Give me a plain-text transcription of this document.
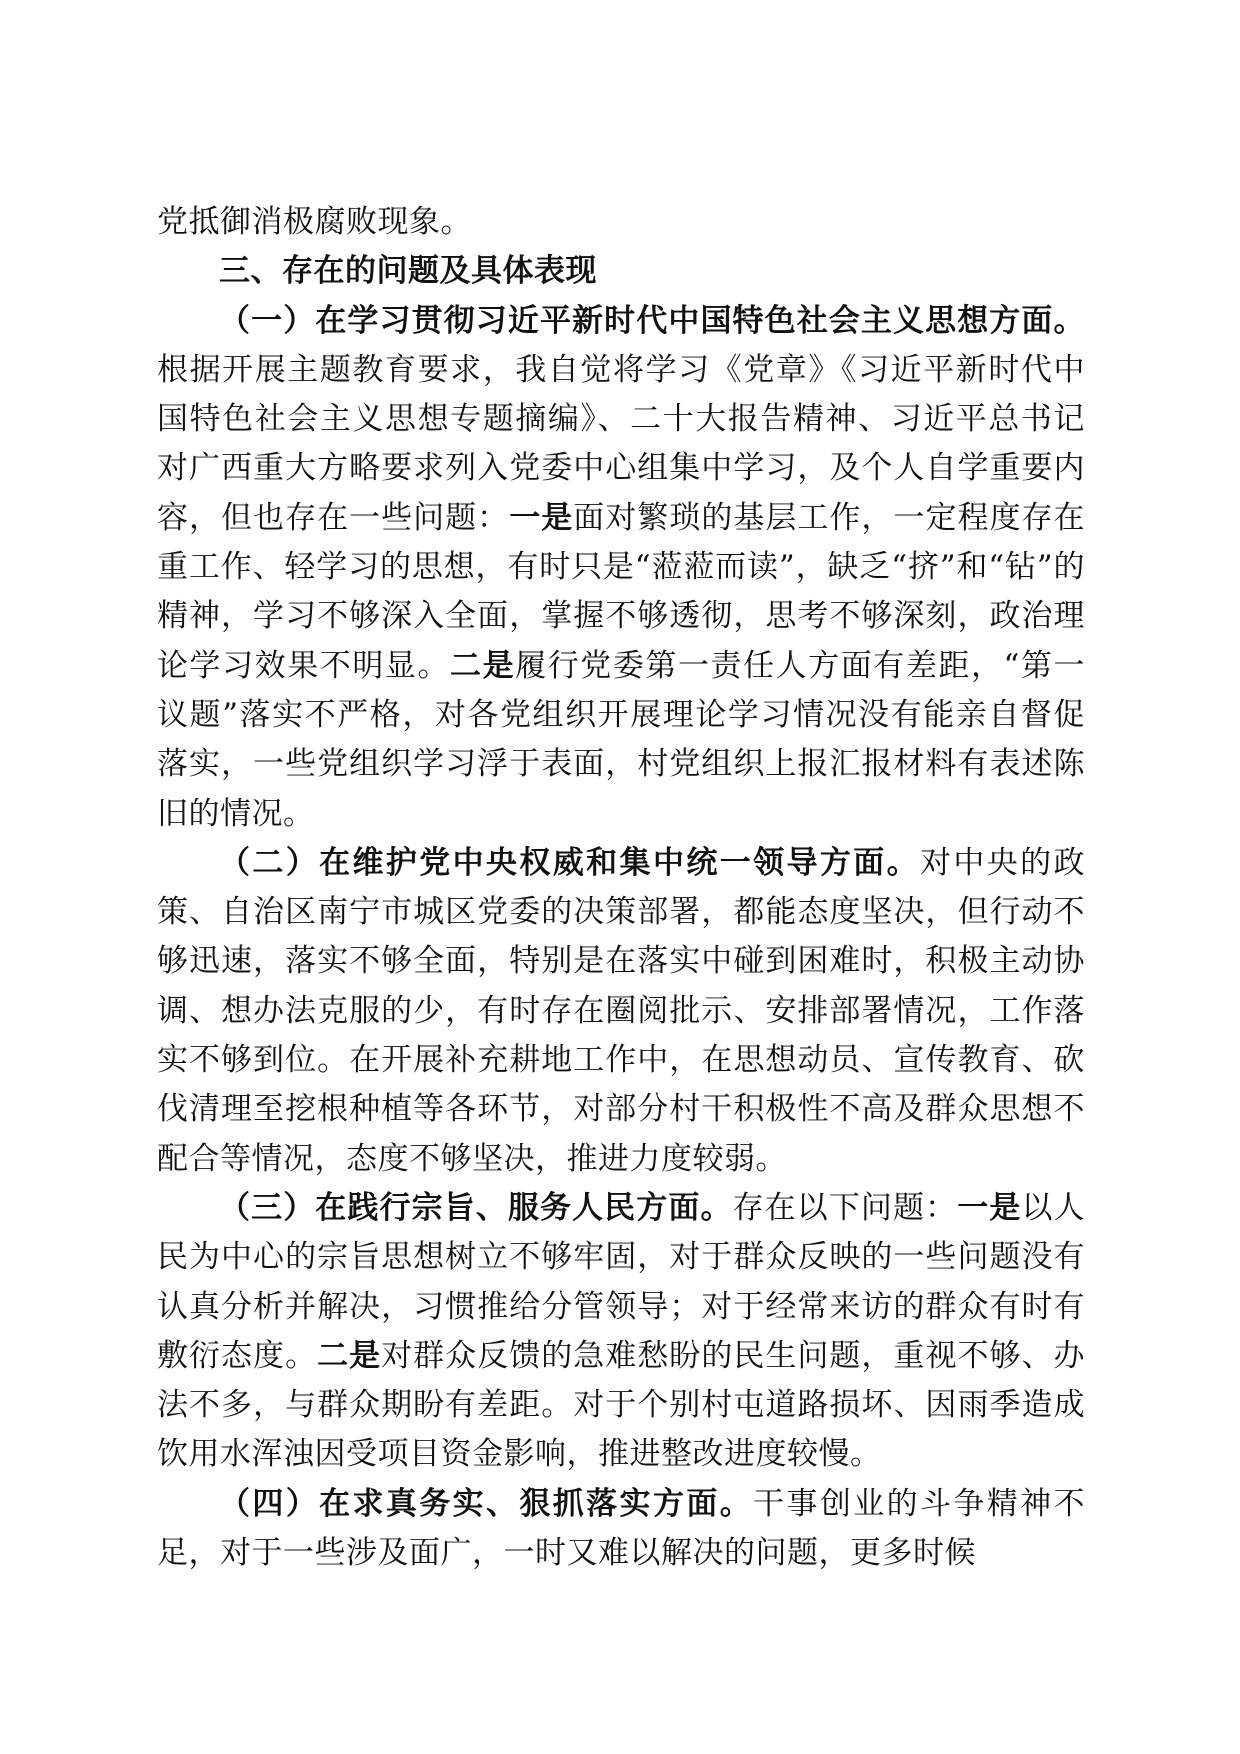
党抵御消极腐败现象。

三、存在的问题及具体表现

（一）在学习贯彻习近平新时代中国特色社会主义思想方面。根据开展主题教育要求，我自觉将学习《党章》《习近平新时代中国特色社会主义思想专题摘编》、二十大报告精神、习近平总书记对广西重大方略要求列入党委中心组集中学习，及个人自学重要内容，但也存在一些问题：一是面对繁琐的基层工作，一定程度存在重工作、轻学习的思想，有时只是“蒞蒞而读”，缺乏“挤”和“钻”的精神，学习不够深入全面，掌握不够透彻，思考不够深刻，政治理论学习效果不明显。二是履行党委第一责任人方面有差距，“第一议题”落实不严格，对各党组织开展理论学习情况没有能亲自督促落实，一些党组织学习浮于表面，村党组织上报汇报材料有表述陈旧的情况。

（二）在维护党中央权威和集中统一领导方面。对中央的政策、自治区南宁市城区党委的决策部署，都能态度坚决，但行动不够迅速，落实不够全面，特别是在落实中碰到困难时，积极主动协调、想办法克服的少，有时存在圈阅批示、安排部署情况，工作落实不够到位。在开展补充耕地工作中，在思想动员、宣传教育、砍伐清理至挖根种植等各环节，对部分村干积极性不高及群众思想不配合等情况，态度不够坚决，推进力度较弱。

（三）在践行宗旨、服务人民方面。存在以下问题：一是以人民为中心的宗旨思想树立不够牢固，对于群众反映的一些问题没有认真分析并解决，习惯推给分管领导；对于经常来访的群众有时有敷衍态度。二是对群众反馈的急难愁盼的民生问题，重视不够、办法不多，与群众期盼有差距。对于个别村屯道路损坏、因雨季造成饮用水浑浊因受项目资金影响，推进整改进度较慢。

（四）在求真务实、狠抓落实方面。干事创业的斗争精神不足，对于一些涉及面广，一时又难以解决的问题，更多时候
